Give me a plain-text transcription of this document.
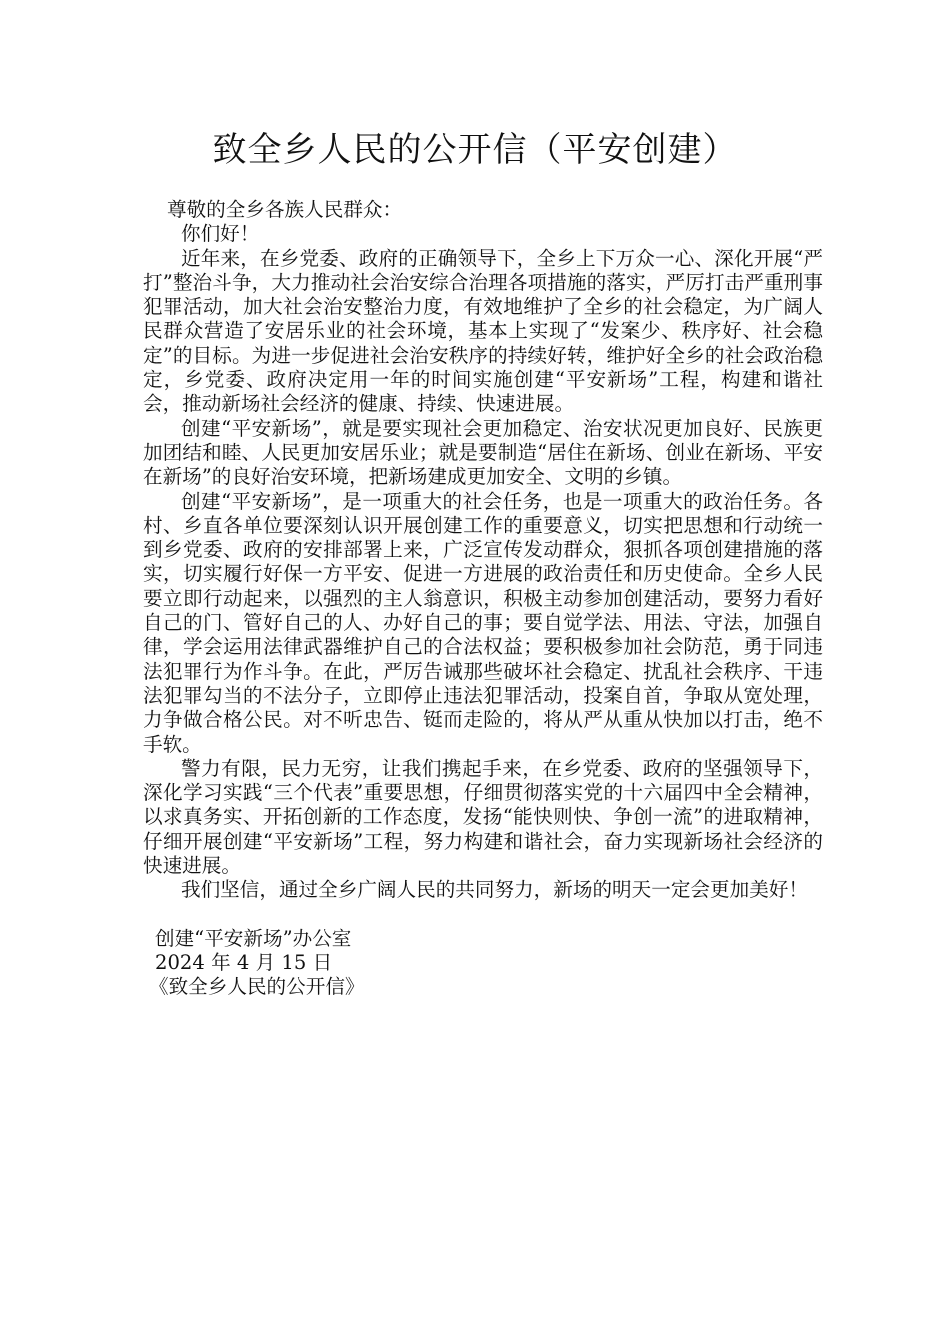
致全乡人民的公开信（平安创建）

尊敬的全乡各族人民群众：

你们好！

近年来，在乡党委、政府的正确领导下，全乡上下万众一心、深化开展“严打”整治斗争，大力推动社会治安综合治理各项措施的落实，严厉打击严重刑事犯罪活动，加大社会治安整治力度，有效地维护了全乡的社会稳定，为广阔人民群众营造了安居乐业的社会环境，基本上实现了“发案少、秩序好、社会稳定”的目标。为进一步促进社会治安秩序的持续好转，维护好全乡的社会政治稳定，乡党委、政府决定用一年的时间实施创建“平安新场”工程，构建和谐社会，推动新场社会经济的健康、持续、快速进展。

创建“平安新场”，就是要实现社会更加稳定、治安状况更加良好、民族更加团结和睦、人民更加安居乐业；就是要制造“居住在新场、创业在新场、平安在新场”的良好治安环境，把新场建成更加安全、文明的乡镇。

创建“平安新场”，是一项重大的社会任务，也是一项重大的政治任务。各村、乡直各单位要深刻认识开展创建工作的重要意义，切实把思想和行动统一到乡党委、政府的安排部署上来，广泛宣传发动群众，狠抓各项创建措施的落实，切实履行好保一方平安、促进一方进展的政治责任和历史使命。全乡人民要立即行动起来，以强烈的主人翁意识，积极主动参加创建活动，要努力看好自己的门、管好自己的人、办好自己的事；要自觉学法、用法、守法，加强自律，学会运用法律武器维护自己的合法权益；要积极参加社会防范，勇于同违法犯罪行为作斗争。在此，严厉告诫那些破坏社会稳定、扰乱社会秩序、干违法犯罪勾当的不法分子，立即停止违法犯罪活动，投案自首，争取从宽处理，力争做合格公民。对不听忠告、铤而走险的，将从严从重从快加以打击，绝不手软。

警力有限，民力无穷，让我们携起手来，在乡党委、政府的坚强领导下，深化学习实践“三个代表”重要思想，仔细贯彻落实党的十六届四中全会精神，以求真务实、开拓创新的工作态度，发扬“能快则快、争创一流”的进取精神，仔细开展创建“平安新场”工程，努力构建和谐社会，奋力实现新场社会经济的快速进展。

我们坚信，通过全乡广阔人民的共同努力，新场的明天一定会更加美好！

创建“平安新场”办公室

2024 年 4 月 15 日

《致全乡人民的公开信》
